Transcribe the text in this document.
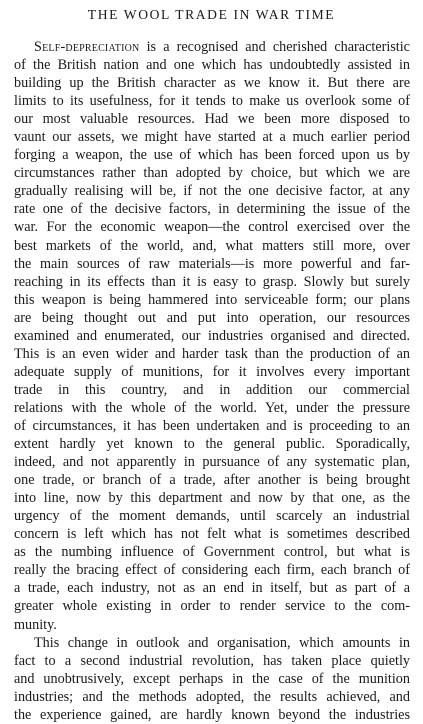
THE WOOL TRADE IN WAR TIME
Self-depreciation is a recognised and cherished characteristic
of the British nation and one which has undoubtedly assisted in
building up the British character as we know it. But there are
limits to its usefulness, for it tends to make us overlook some of
our most valuable resources. Had we been more disposed to
vaunt our assets, we might have started at a much earlier period
forging a weapon, the use of which has been forced upon us by
circumstances rather than adopted by choice, but which we are
gradually realising will be, if not the one decisive factor, at any
rate one of the decisive factors, in determining the issue of the
war. For the economic weapon—the control exercised over the
best markets of the world, and, what matters still more, over
the main sources of raw materials—is more powerful and far-
reaching in its effects than it is easy to grasp. Slowly but surely
this weapon is being hammered into serviceable form; our plans
are being thought out and put into operation, our resources
examined and enumerated, our industries organised and directed.
This is an even wider and harder task than the production of an
adequate supply of munitions, for it involves every important
trade in this country, and in addition our commercial
relations with the whole of the world. Yet, under the pressure
of circumstances, it has been undertaken and is proceeding to an
extent hardly yet known to the general public. Sporadically,
indeed, and not apparently in pursuance of any systematic plan,
one trade, or branch of a trade, after another is being brought
into line, now by this department and now by that one, as the
urgency of the moment demands, until scarcely an industrial
concern is left which has not felt what is sometimes described
as the numbing influence of Government control, but what is
really the bracing effect of considering each firm, each branch of
a trade, each industry, not as an end in itself, but as part of a
greater whole existing in order to render service to the com-
munity.
This change in outlook and organisation, which amounts in
fact to a second industrial revolution, has taken place quietly
and unobtrusively, except perhaps in the case of the munition
industries; and the methods adopted, the results achieved, and
the experience gained, are hardly known beyond the industries
